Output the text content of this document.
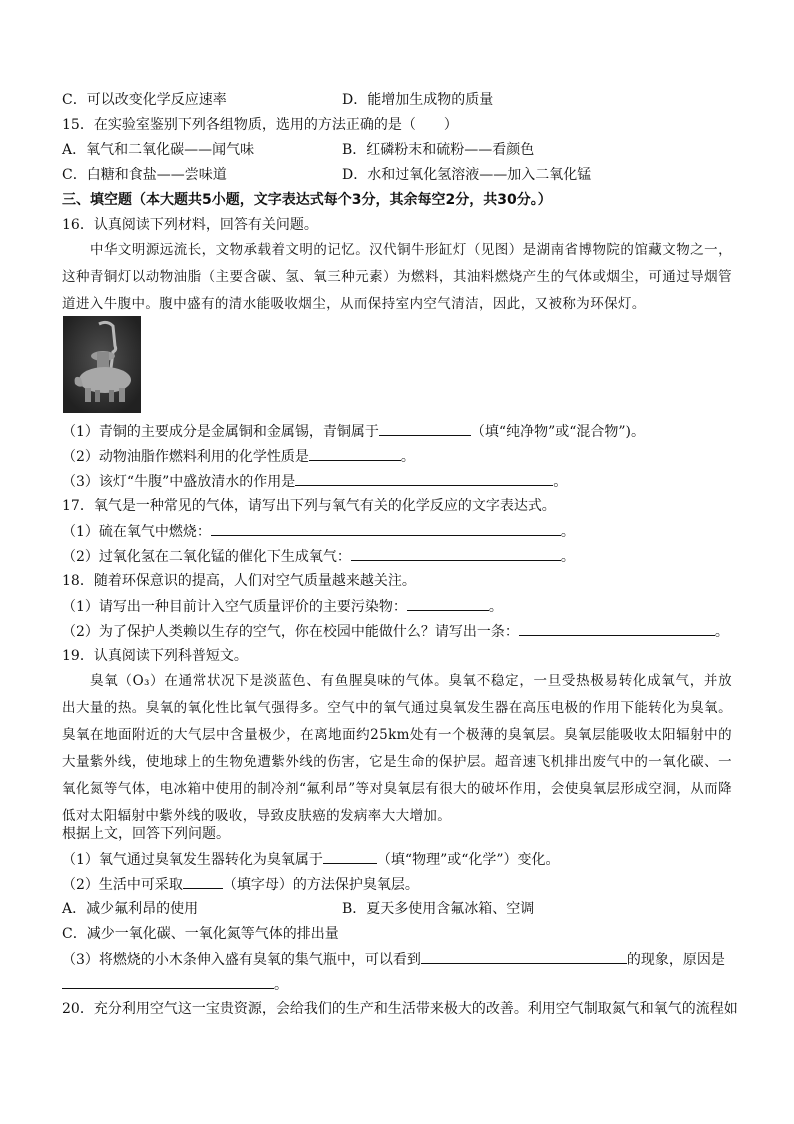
C．可以改变化学反应速率	D．能增加生成物的质量
15．在实验室鉴别下列各组物质，选用的方法正确的是（　　）
A．氧气和二氧化碳——闻气味	B．红磷粉末和硫粉——看颜色
C．白糖和食盐——尝味道	D．水和过氧化氢溶液——加入二氧化锰
三、填空题（本大题共5小题，文字表达式每个3分，其余每空2分，共30分。）
16．认真阅读下列材料，回答有关问题。
中华文明源远流长，文物承载着文明的记忆。汉代铜牛形缸灯（见图）是湖南省博物院的馆藏文物之一，这种青铜灯以动物油脂（主要含碳、氢、氧三种元素）为燃料，其油料燃烧产生的气体或烟尘，可通过导烟管道进入牛腹中。腹中盛有的清水能吸收烟尘，从而保持室内空气清洁，因此，又被称为环保灯。
（1）青铜的主要成分是金属铜和金属锡，青铜属于	（填“纯净物”或“混合物”)。
（2）动物油脂作燃料利用的化学性质是	。
（3）该灯“牛腹”中盛放清水的作用是	。
17．氧气是一种常见的气体，请写出下列与氧气有关的化学反应的文字表达式。
（1）硫在氧气中燃烧：	。
（2）过氧化氢在二氧化锰的催化下生成氧气：	。
18．随着环保意识的提高，人们对空气质量越来越关注。
（1）请写出一种目前计入空气质量评价的主要污染物：	。
（2）为了保护人类赖以生存的空气，你在校园中能做什么？请写出一条：	。
19．认真阅读下列科普短文。
臭氧（O₃）在通常状况下是淡蓝色、有鱼腥臭味的气体。臭氧不稳定，一旦受热极易转化成氧气，并放出大量的热。臭氧的氧化性比氧气强得多。空气中的氧气通过臭氧发生器在高压电极的作用下能转化为臭氧。臭氧在地面附近的大气层中含量极少，在离地面约25km处有一个极薄的臭氧层。臭氧层能吸收太阳辐射中的大量紫外线，使地球上的生物免遭紫外线的伤害，它是生命的保护层。超音速飞机排出废气中的一氧化碳、一氧化氮等气体，电冰箱中使用的制冷剂“氟利昂”等对臭氧层有很大的破坏作用，会使臭氧层形成空洞，从而降低对太阳辐射中紫外线的吸收，导致皮肤癌的发病率大大增加。
根据上文，回答下列问题。
（1）氧气通过臭氧发生器转化为臭氧属于	（填“物理”或“化学”）变化。
（2）生活中可采取	（填字母）的方法保护臭氧层。
A．减少氟利昂的使用	B．夏天多使用含氟冰箱、空调
C．减少一氧化碳、一氧化氮等气体的排出量
（3）将燃烧的小木条伸入盛有臭氧的集气瓶中，可以看到	的现象，原因是
。
20．充分利用空气这一宝贵资源，会给我们的生产和生活带来极大的改善。利用空气制取氮气和氧气的流程如
